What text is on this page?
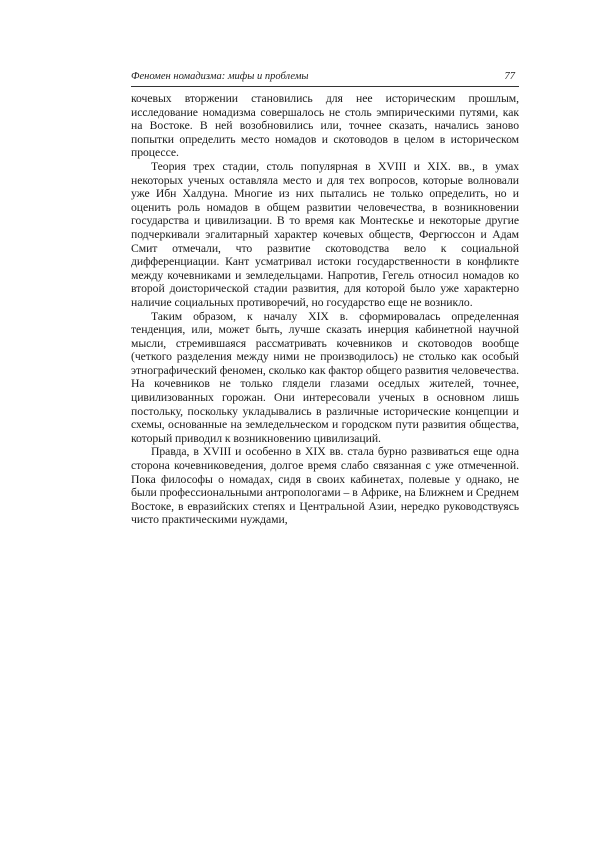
Феномен номадизма: мифы и проблемы	77

кочевых вторжении становились для нее историческим прошлым, исследование номадизма совершалось не столь эмпирическими путями, как на Востоке. В ней возобновились или, точнее сказать, начались заново попытки определить место номадов и скотоводов в целом в историческом процессе.

Теория трех стадии, столь популярная в XVIII и XIX. вв., в умах некоторых ученых оставляла место и для тех вопросов, которые волновали уже Ибн Халдуна. Многие из них пытались не только определить, но и оценить роль номадов в общем развитии человечества, в возникновении государства и цивилизации. В то время как Монтескье и некоторые другие подчеркивали эгалитарный характер кочевых обществ, Фергюссон и Адам Смит отмечали, что развитие скотоводства вело к социальной дифференциации. Кант усматривал истоки государственности в конфликте между кочевниками и земледельцами. Напротив, Гегель относил номадов ко второй доисторической стадии развития, для которой было уже характерно наличие социальных противоречий, но государство еще не возникло.

Таким образом, к началу XIX в. сформировалась определенная тенденция, или, может быть, лучше сказать инерция кабинетной научной мысли, стремившаяся рассматривать кочевников и скотоводов вообще (четкого разделения между ними не производилось) не столько как особый этнографический феномен, сколько как фактор общего развития человечества. На кочевников не только глядели глазами оседлых жителей, точнее, цивилизованных горожан. Они интересовали ученых в основном лишь постольку, поскольку укладывались в различные исторические концепции и схемы, основанные на земледельческом и городском пути развития общества, который приводил к возникновению цивилизаций.

Правда, в XVIII и особенно в XIX вв. стала бурно развиваться еще одна сторона кочевниковедения, долгое время слабо связанная с уже отмеченной. Пока философы о номадах, сидя в своих кабинетах, полевые у однако, не были профессиональными антропологами – в Африке, на Ближнем и Среднем Востоке, в евразийских степях и Центральной Азии, нередко руководствуясь чисто практическими нуждами,
